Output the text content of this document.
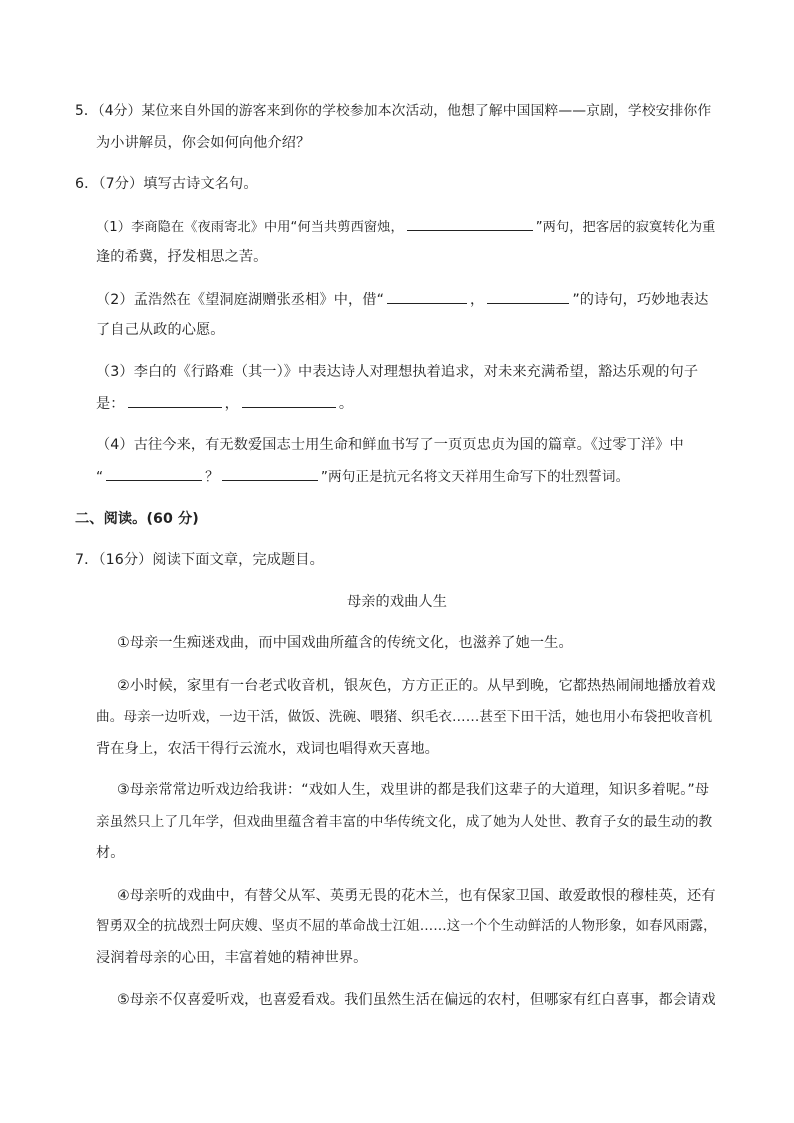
5．（4分）某位来自外国的游客来到你的学校参加本次活动，他想了解中国国粹——京剧，学校安排你作
为小讲解员，你会如何向他介绍？
6．（7分）填写古诗文名句。
（1）李商隐在《夜雨寄北》中用“何当共剪西窗烛，	”两句，把客居的寂寞转化为重
逢的希冀，抒发相思之苦。
（2）孟浩然在《望洞庭湖赠张丞相》中，借“	，	”的诗句，巧妙地表达
了自己从政的心愿。
（3）李白的《行路难（其一）》中表达诗人对理想执着追求，对未来充满希望，豁达乐观的句子
是：	，	。
（4）古往今来，有无数爱国志士用生命和鲜血书写了一页页忠贞为国的篇章。《过零丁洋》中
“	？	”两句正是抗元名将文天祥用生命写下的壮烈誓词。
二、阅读。(60 分)
7．（16分）阅读下面文章，完成题目。
母亲的戏曲人生
①母亲一生痴迷戏曲，而中国戏曲所蕴含的传统文化，也滋养了她一生。
②小时候，家里有一台老式收音机，银灰色，方方正正的。从早到晚，它都热热闹闹地播放着戏
曲。母亲一边听戏，一边干活，做饭、洗碗、喂猪、织毛衣……甚至下田干活，她也用小布袋把收音机
背在身上，农活干得行云流水，戏词也唱得欢天喜地。
③母亲常常边听戏边给我讲：“戏如人生，戏里讲的都是我们这辈子的大道理，知识多着呢。”母
亲虽然只上了几年学，但戏曲里蕴含着丰富的中华传统文化，成了她为人处世、教育子女的最生动的教
材。
④母亲听的戏曲中，有替父从军、英勇无畏的花木兰，也有保家卫国、敢爱敢恨的穆桂英，还有
智勇双全的抗战烈士阿庆嫂、坚贞不屈的革命战士江姐……这一个个生动鲜活的人物形象，如春风雨露，
浸润着母亲的心田，丰富着她的精神世界。
⑤母亲不仅喜爱听戏，也喜爱看戏。我们虽然生活在偏远的农村，但哪家有红白喜事，都会请戏
